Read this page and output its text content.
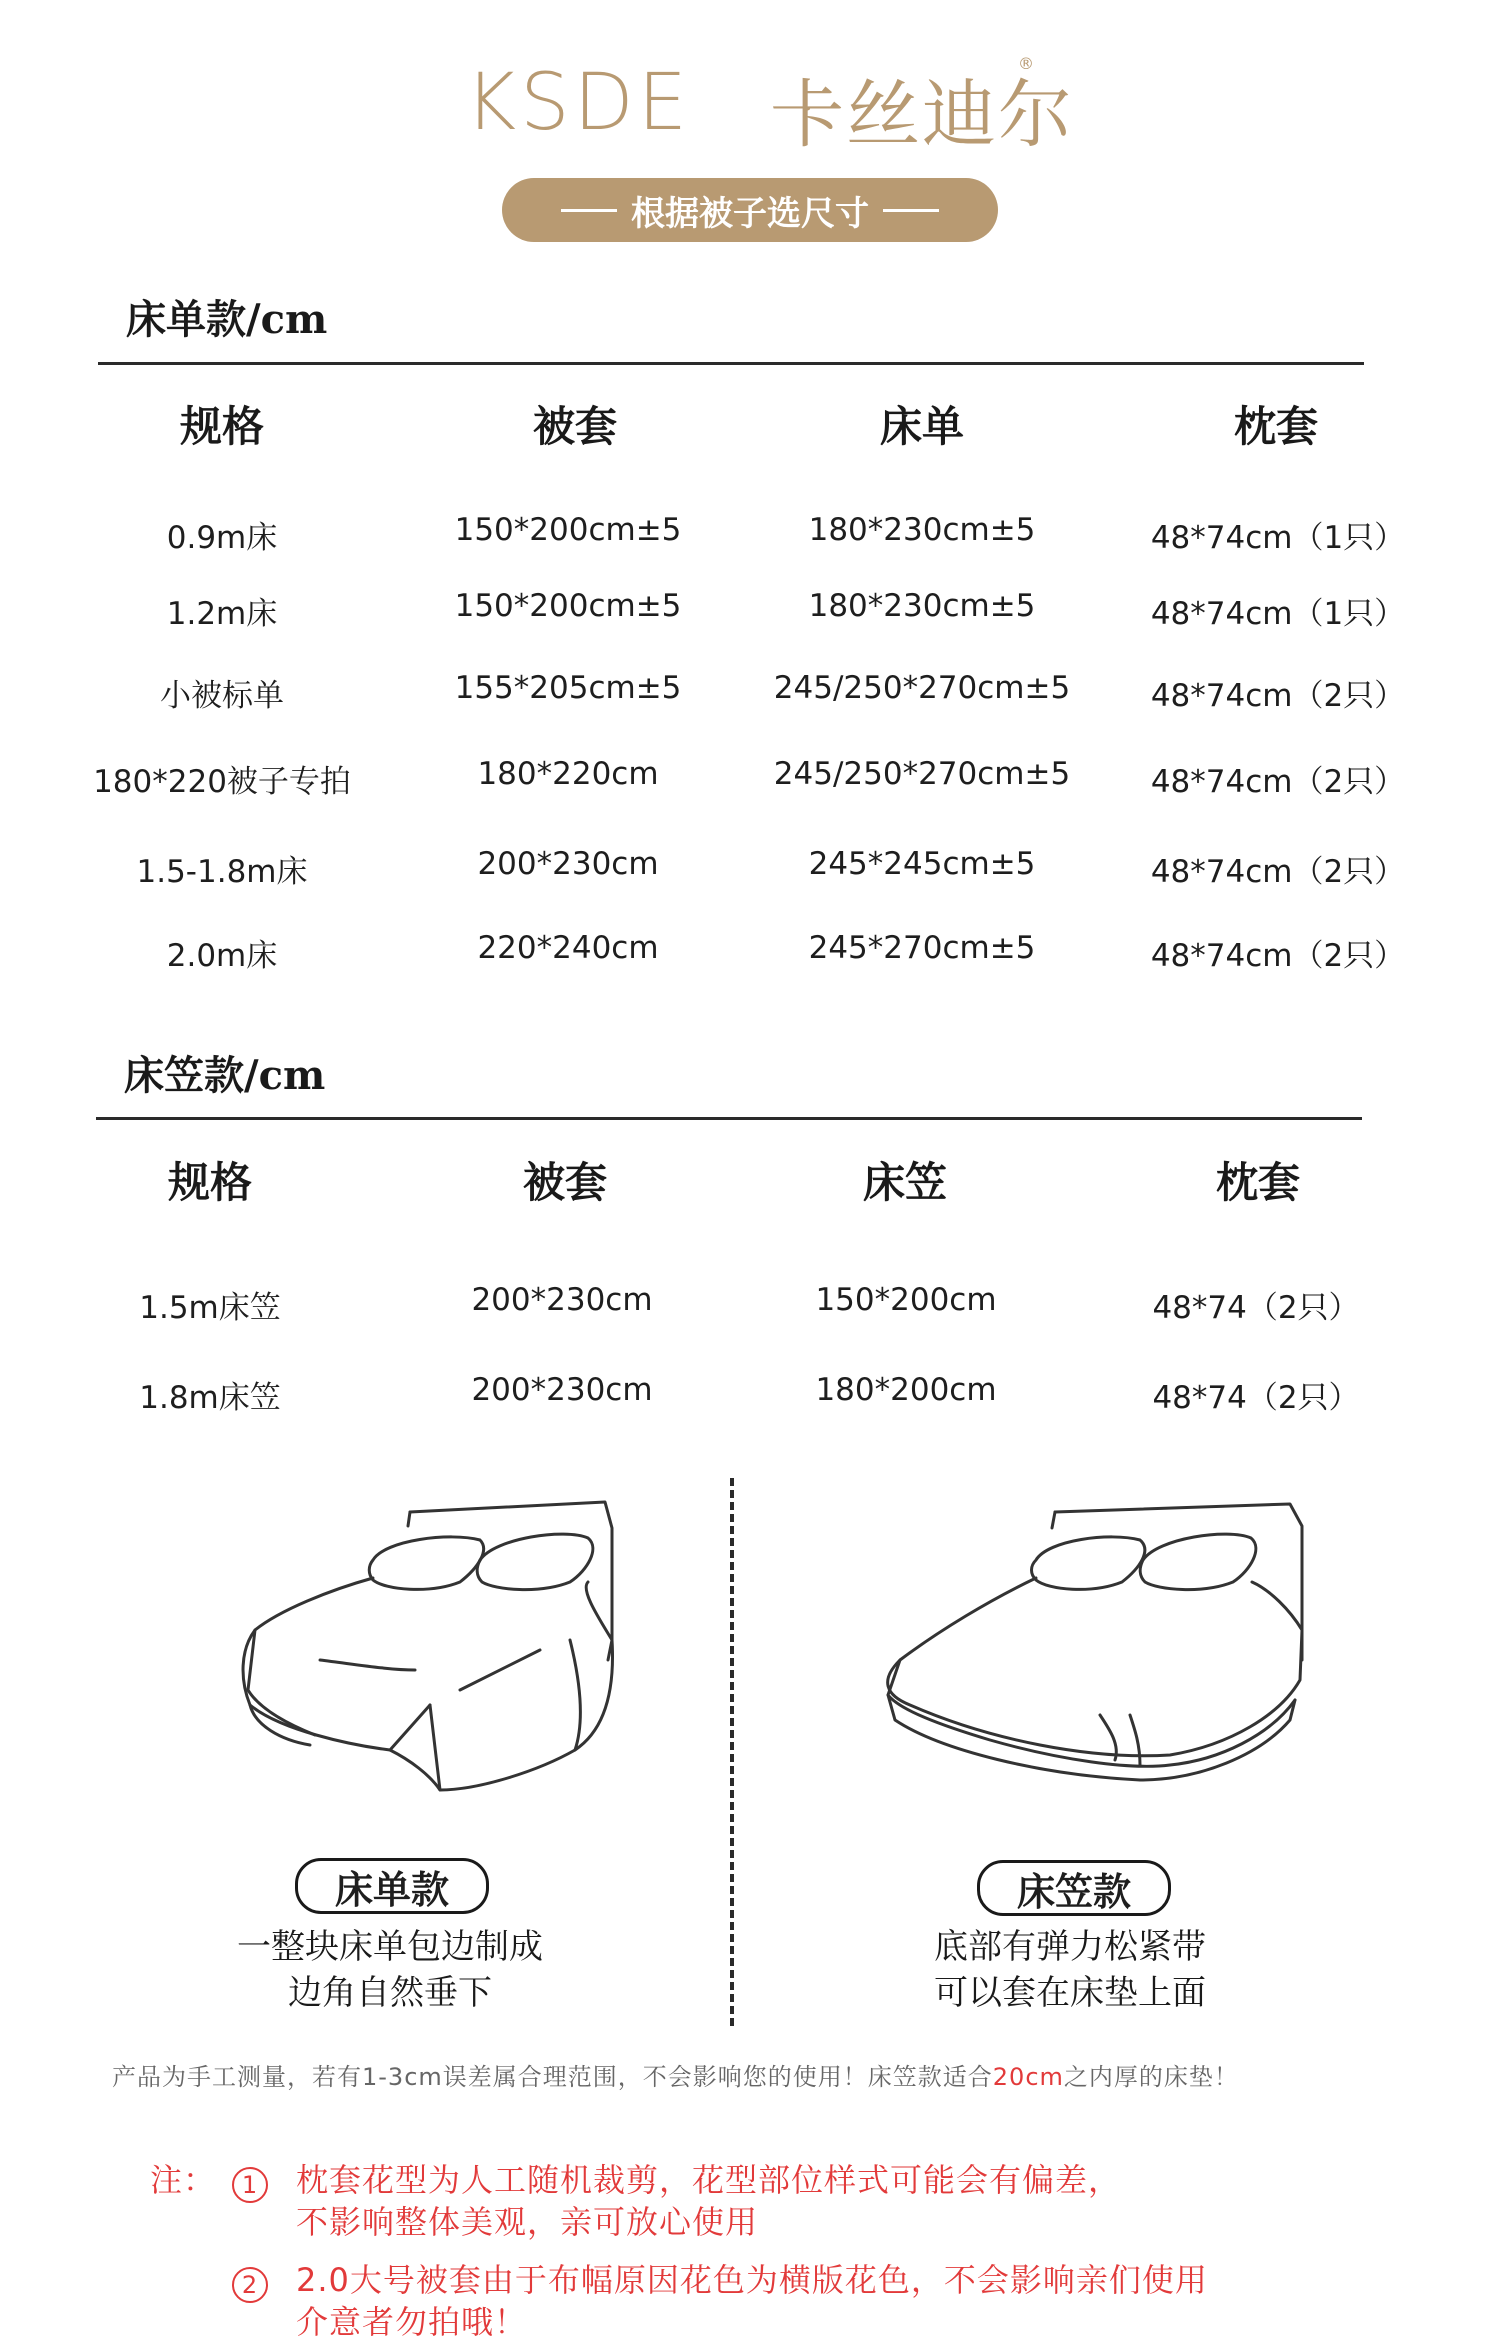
KSDE 卡丝迪尔
®
根据被子选尺寸
床单款/cm
规格	被套	床单	枕套
0.9m床	150*200cm±5	180*230cm±5	48*74cm（1只）
1.2m床	150*200cm±5	180*230cm±5	48*74cm（1只）
小被标单	155*205cm±5	245/250*270cm±5	48*74cm（2只）
180*220被子专拍	180*220cm	245/250*270cm±5	48*74cm（2只）
1.5-1.8m床	200*230cm	245*245cm±5	48*74cm（2只）
2.0m床	220*240cm	245*270cm±5	48*74cm（2只）
床笠款/cm
规格	被套	床笠	枕套
1.5m床笠	200*230cm	150*200cm	48*74（2只）
1.8m床笠	200*230cm	180*200cm	48*74（2只）
床单款
一整块床单包边制成
边角自然垂下
床笠款
底部有弹力松紧带
可以套在床垫上面
产品为手工测量，若有1-3cm误差属合理范围，不会影响您的使用！床笠款适合20cm之内厚的床垫！
注：	1	枕套花型为人工随机裁剪，花型部位样式可能会有偏差，
不影响整体美观，亲可放心使用
2	2.0大号被套由于布幅原因花色为横版花色，不会影响亲们使用
介意者勿拍哦！
